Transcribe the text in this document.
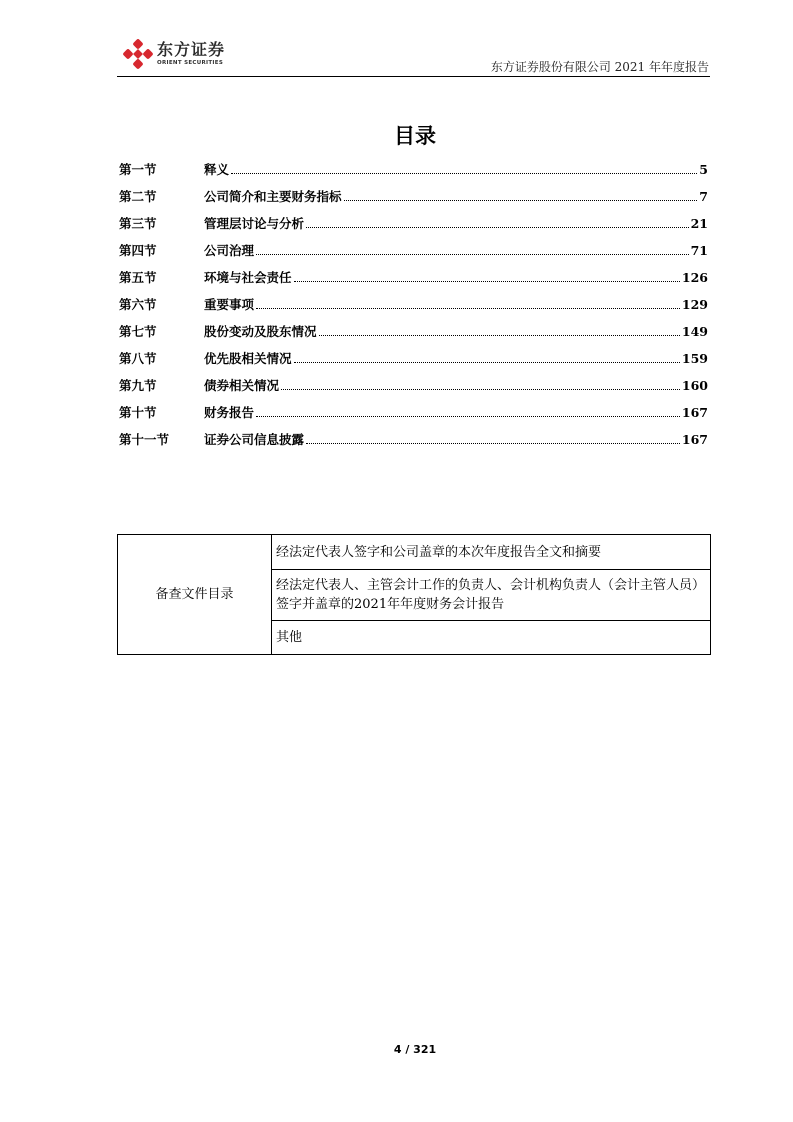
东方证券
ORIENT SECURITIES	东方证券股份有限公司 2021 年年度报告
目录
第一节	释义	5
第二节	公司简介和主要财务指标	7
第三节	管理层讨论与分析	21
第四节	公司治理	71
第五节	环境与社会责任	126
第六节	重要事项	129
第七节	股份变动及股东情况	149
第八节	优先股相关情况	159
第九节	债券相关情况	160
第十节	财务报告	167
第十一节	证券公司信息披露	167
备查文件目录	经法定代表人签字和公司盖章的本次年度报告全文和摘要
经法定代表人、主管会计工作的负责人、会计机构负责人（会计主管人员）签字并盖章的2021年年度财务会计报告
其他
4 / 321
